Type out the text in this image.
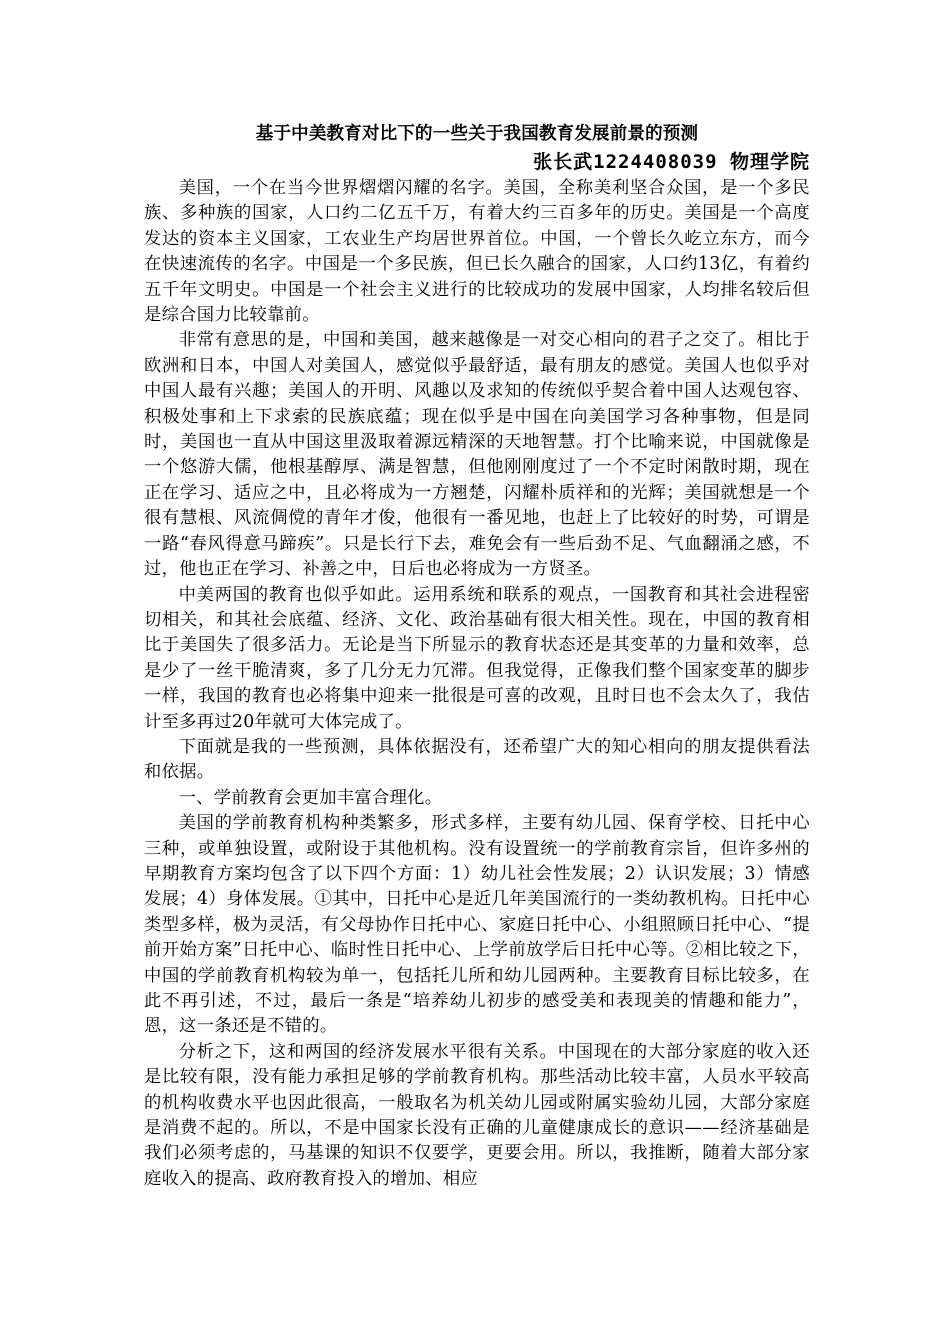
基于中美教育对比下的一些关于我国教育发展前景的预测

张长武1224408039 物理学院

美国，一个在当今世界熠熠闪耀的名字。美国，全称美利坚合众国，是一个多民族、多种族的国家，人口约二亿五千万，有着大约三百多年的历史。美国是一个高度发达的资本主义国家，工农业生产均居世界首位。中国，一个曾长久屹立东方，而今在快速流传的名字。中国是一个多民族，但已长久融合的国家，人口约13亿，有着约五千年文明史。中国是一个社会主义进行的比较成功的发展中国家，人均排名较后但是综合国力比较靠前。

非常有意思的是，中国和美国，越来越像是一对交心相向的君子之交了。相比于欧洲和日本，中国人对美国人，感觉似乎最舒适，最有朋友的感觉。美国人也似乎对中国人最有兴趣；美国人的开明、风趣以及求知的传统似乎契合着中国人达观包容、积极处事和上下求索的民族底蕴；现在似乎是中国在向美国学习各种事物，但是同时，美国也一直从中国这里汲取着源远精深的天地智慧。打个比喻来说，中国就像是一个悠游大儒，他根基醇厚、满是智慧，但他刚刚度过了一个不定时闲散时期，现在正在学习、适应之中，且必将成为一方翘楚，闪耀朴质祥和的光辉；美国就想是一个很有慧根、风流倜傥的青年才俊，他很有一番见地，也赶上了比较好的时势，可谓是一路“春风得意马蹄疾”。只是长行下去，难免会有一些后劲不足、气血翻涌之感，不过，他也正在学习、补善之中，日后也必将成为一方贤圣。

中美两国的教育也似乎如此。运用系统和联系的观点，一国教育和其社会进程密切相关，和其社会底蕴、经济、文化、政治基础有很大相关性。现在，中国的教育相比于美国失了很多活力。无论是当下所显示的教育状态还是其变革的力量和效率，总是少了一丝干脆清爽，多了几分无力冗滞。但我觉得，正像我们整个国家变革的脚步一样，我国的教育也必将集中迎来一批很是可喜的改观，且时日也不会太久了，我估计至多再过20年就可大体完成了。

下面就是我的一些预测，具体依据没有，还希望广大的知心相向的朋友提供看法和依据。

一、学前教育会更加丰富合理化。

美国的学前教育机构种类繁多，形式多样，主要有幼儿园、保育学校、日托中心三种，或单独设置，或附设于其他机构。没有设置统一的学前教育宗旨，但许多州的早期教育方案均包含了以下四个方面：1）幼儿社会性发展；2）认识发展；3）情感发展；4）身体发展。①其中，日托中心是近几年美国流行的一类幼教机构。日托中心类型多样，极为灵活，有父母协作日托中心、家庭日托中心、小组照顾日托中心、“提前开始方案”日托中心、临时性日托中心、上学前放学后日托中心等。②相比较之下，中国的学前教育机构较为单一，包括托儿所和幼儿园两种。主要教育目标比较多，在此不再引述，不过，最后一条是“培养幼儿初步的感受美和表现美的情趣和能力”，恩，这一条还是不错的。

分析之下，这和两国的经济发展水平很有关系。中国现在的大部分家庭的收入还是比较有限，没有能力承担足够的学前教育机构。那些活动比较丰富，人员水平较高的机构收费水平也因此很高，一般取名为机关幼儿园或附属实验幼儿园，大部分家庭是消费不起的。所以，不是中国家长没有正确的儿童健康成长的意识——经济基础是我们必须考虑的，马基课的知识不仅要学，更要会用。所以，我推断，随着大部分家庭收入的提高、政府教育投入的增加、相应
